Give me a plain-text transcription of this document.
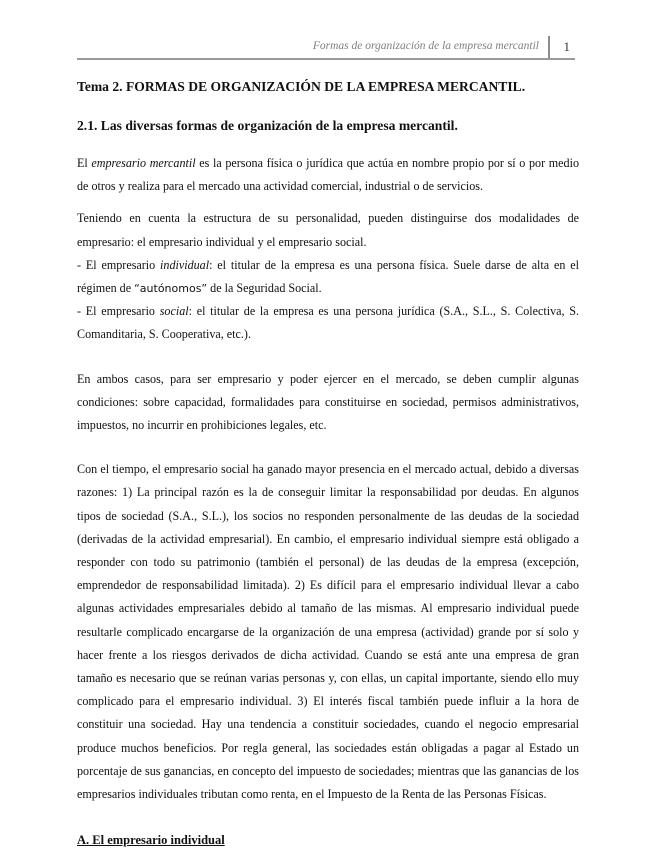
Formas de organización de la empresa mercantil 1
Tema 2. FORMAS DE ORGANIZACIÓN DE LA EMPRESA MERCANTIL.
2.1. Las diversas formas de organización de la empresa mercantil.

El empresario mercantil es la persona física o jurídica que actúa en nombre propio por sí o por medio de otros y realiza para el mercado una actividad comercial, industrial o de servicios.

Teniendo en cuenta la estructura de su personalidad, pueden distinguirse dos modalidades de empresario: el empresario individual y el empresario social.

- El empresario individual: el titular de la empresa es una persona física. Suele darse de alta en el régimen de “autónomos” de la Seguridad Social.

- El empresario social: el titular de la empresa es una persona jurídica (S.A., S.L., S. Colectiva, S. Comanditaria, S. Cooperativa, etc.).

En ambos casos, para ser empresario y poder ejercer en el mercado, se deben cumplir algunas condiciones: sobre capacidad, formalidades para constituirse en sociedad, permisos administrativos, impuestos, no incurrir en prohibiciones legales, etc.

Con el tiempo, el empresario social ha ganado mayor presencia en el mercado actual, debido a diversas razones: 1) La principal razón es la de conseguir limitar la responsabilidad por deudas. En algunos tipos de sociedad (S.A., S.L.), los socios no responden personalmente de las deudas de la sociedad (derivadas de la actividad empresarial). En cambio, el empresario individual siempre está obligado a responder con todo su patrimonio (también el personal) de las deudas de la empresa (excepción, emprendedor de responsabilidad limitada). 2) Es difícil para el empresario individual llevar a cabo algunas actividades empresariales debido al tamaño de las mismas. Al empresario individual puede resultarle complicado encargarse de la organización de una empresa (actividad) grande por sí solo y hacer frente a los riesgos derivados de dicha actividad. Cuando se está ante una empresa de gran tamaño es necesario que se reúnan varias personas y, con ellas, un capital importante, siendo ello muy complicado para el empresario individual. 3) El interés fiscal también puede influir a la hora de constituir una sociedad. Hay una tendencia a constituir sociedades, cuando el negocio empresarial produce muchos beneficios. Por regla general, las sociedades están obligadas a pagar al Estado un porcentaje de sus ganancias, en concepto del impuesto de sociedades; mientras que las ganancias de los empresarios individuales tributan como renta, en el Impuesto de la Renta de las Personas Físicas.

A. El empresario individual
